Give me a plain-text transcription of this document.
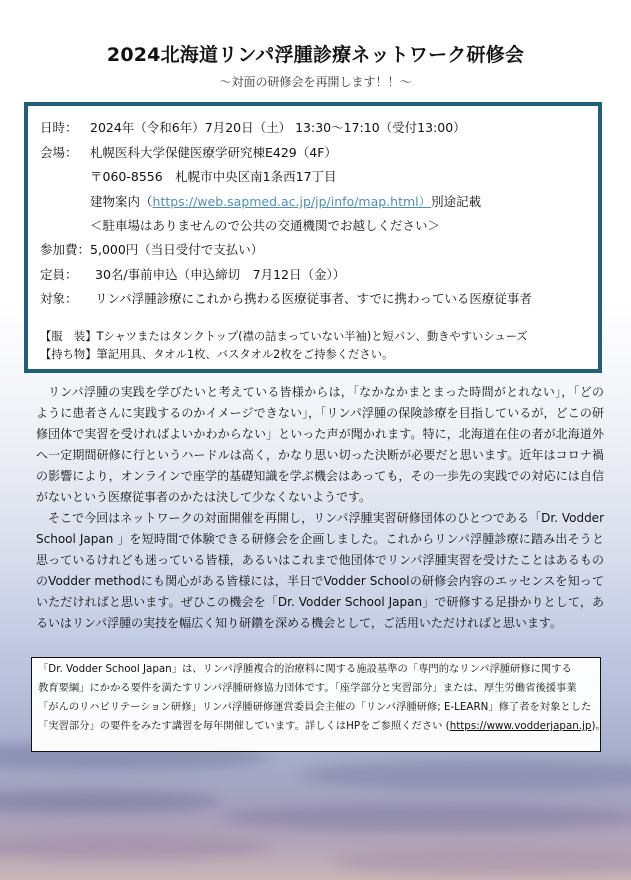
2024北海道リンパ浮腫診療ネットワーク研修会
～対面の研修会を再開します！！～
日時： 2024年（令和6年）7月20日（土） 13:30〜17:10（受付13:00）
会場： 札幌医科大学保健医療学研究棟E429（4F）
〒060-8556　札幌市中央区南1条西17丁目
建物案内（https://web.sapmed.ac.jp/jp/info/map.html）別途記載
＜駐車場はありませんので公共の交通機関でお越しください＞
参加費：5,000円（当日受付で支払い）
定員： 30名/事前申込（申込締切　7月12日（金））
対象： リンパ浮腫診療にこれから携わる医療従事者、すでに携わっている医療従事者
【服　装】Tシャツまたはタンクトップ(襟の詰まっていない半袖)と短パン、動きやすいシューズ
【持ち物】筆記用具、タオル1枚、バスタオル2枚をご持参ください。

リンパ浮腫の実践を学びたいと考えている皆様からは，「なかなかまとまった時間がとれない」，「どのように患者さんに実践するのかイメージできない」，「リンパ浮腫の保険診療を目指しているが，どこの研修団体で実習を受ければよいかわからない」といった声が聞かれます。特に，北海道在住の者が北海道外へ一定期間研修に行というハードルは高く，かなり思い切った決断が必要だと思います。近年はコロナ禍の影響により，オンラインで座学的基礎知識を学ぶ機会はあっても，その一歩先の実践での対応には自信がないという医療従事者のかたは決して少なくないようです。

そこで今回はネットワークの対面開催を再開し，リンパ浮腫実習研修団体のひとつである「Dr. Vodder School Japan 」を短時間で体験できる研修会を企画しました。これからリンパ浮腫診療に踏み出そうと思っているけれども迷っている皆様，あるいはこれまで他団体でリンパ浮腫実習を受けたことはあるもののVodder methodにも関心がある皆様には，半日でVodder Schoolの研修会内容のエッセンスを知っていただければと思います。ぜひこの機会を「Dr. Vodder School Japan」で研修する足掛かりとして，あるいはリンパ浮腫の実技を幅広く知り研鑽を深める機会として，ご活用いただければと思います。

「Dr. Vodder School Japan」は、リンパ浮腫複合的治療料に関する施設基準の「専門的なリンパ浮腫研修に関する

教育要綱」にかかる要件を満たすリンパ浮腫研修協力団体です。「座学部分と実習部分」または、厚生労働省後援事業

「がんのリハビリテーション研修」リンパ浮腫研修運営委員会主催の「リンパ浮腫研修; E-LEARN」修了者を対象とした

「実習部分」の要件をみたす講習を毎年開催しています。詳しくはHPをご参照ください (https://www.vodderjapan.jp)。
